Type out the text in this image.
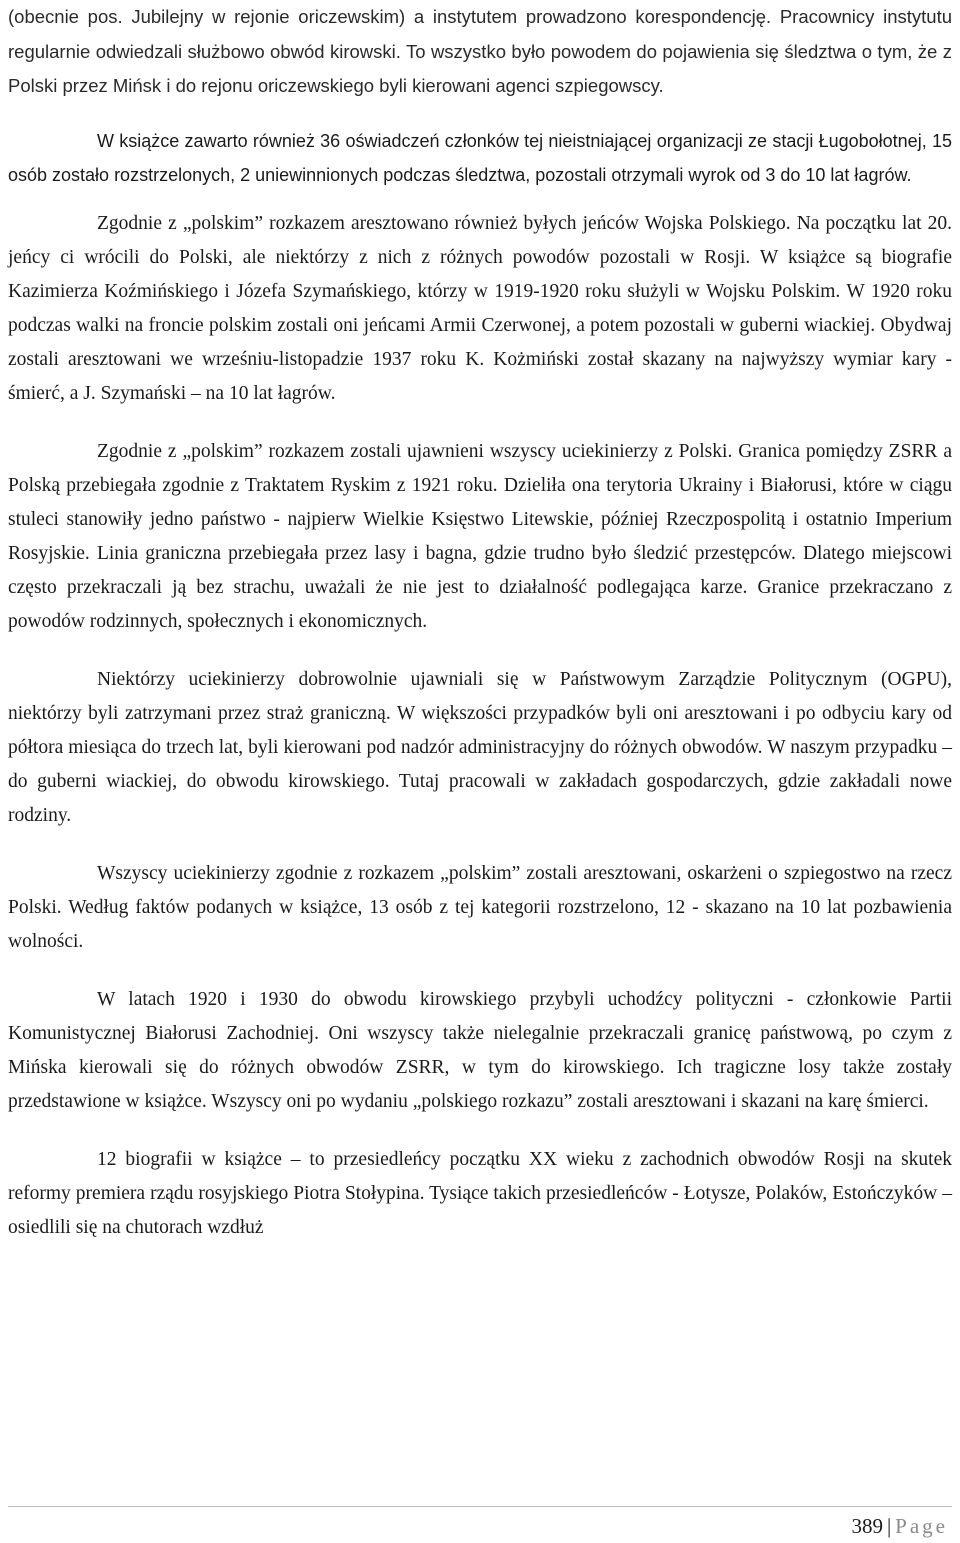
(obecnie pos. Jubilejny w rejonie oriczewskim) a instytutem prowadzono korespondencję. Pracownicy instytutu regularnie odwiedzali służbowo obwód kirowski. To wszystko było powodem do pojawienia się śledztwa o tym, że z Polski przez Mińsk i do rejonu oriczewskiego byli kierowani agenci szpiegowscy.

W książce zawarto również 36 oświadczeń członków tej nieistniającej organizacji ze stacji Ługobołotnej, 15 osób zostało rozstrzelonych, 2 uniewinnionych podczas śledztwa, pozostali otrzymali wyrok od 3 do 10 lat łagrów.

Zgodnie z „polskim” rozkazem aresztowano również byłych jeńców Wojska Polskiego. Na początku lat 20. jeńcy ci wrócili do Polski, ale niektórzy z nich z różnych powodów pozostali w Rosji. W książce są biografie Kazimierza Koźmińskiego i Józefa Szymańskiego, którzy w 1919-1920 roku służyli w Wojsku Polskim. W 1920 roku podczas walki na froncie polskim zostali oni jeńcami Armii Czerwonej, a potem pozostali w guberni wiackiej. Obydwaj zostali aresztowani we wrześniu-listopadzie 1937 roku K. Kożmiński został skazany na najwyższy wymiar kary - śmierć, a J. Szymański – na 10 lat łagrów.

Zgodnie z „polskim” rozkazem zostali ujawnieni wszyscy uciekinierzy z Polski. Granica pomiędzy ZSRR a Polską przebiegała zgodnie z Traktatem Ryskim z 1921 roku. Dzieliła ona terytoria Ukrainy i Białorusi, które w ciągu stuleci stanowiły jedno państwo - najpierw Wielkie Księstwo Litewskie, później Rzeczpospolitą i ostatnio Imperium Rosyjskie. Linia graniczna przebiegała przez lasy i bagna, gdzie trudno było śledzić przestępców. Dlatego miejscowi często przekraczali ją bez strachu, uważali że nie jest to działalność podlegająca karze. Granice przekraczano z powodów rodzinnych, społecznych i ekonomicznych.

Niektórzy uciekinierzy dobrowolnie ujawniali się w Państwowym Zarządzie Politycznym (OGPU), niektórzy byli zatrzymani przez straż graniczną. W większości przypadków byli oni aresztowani i po odbyciu kary od półtora miesiąca do trzech lat, byli kierowani pod nadzór administracyjny do różnych obwodów. W naszym przypadku – do guberni wiackiej, do obwodu kirowskiego. Tutaj pracowali w zakładach gospodarczych, gdzie zakładali nowe rodziny.

Wszyscy uciekinierzy zgodnie z rozkazem „polskim” zostali aresztowani, oskarżeni o szpiegostwo na rzecz Polski. Według faktów podanych w książce, 13 osób z tej kategorii rozstrzelono, 12 - skazano na 10 lat pozbawienia wolności.

W latach 1920 i 1930 do obwodu kirowskiego przybyli uchodźcy polityczni - członkowie Partii Komunistycznej Białorusi Zachodniej. Oni wszyscy także nielegalnie przekraczali granicę państwową, po czym z Mińska kierowali się do różnych obwodów ZSRR, w tym do kirowskiego. Ich tragiczne losy także zostały przedstawione w książce. Wszyscy oni po wydaniu „polskiego rozkazu” zostali aresztowani i skazani na karę śmierci.

12 biografii w książce – to przesiedleńcy początku XX wieku z zachodnich obwodów Rosji na skutek reformy premiera rządu rosyjskiego Piotra Stołypina. Tysiące takich przesiedleńców - Łotysze, Polaków, Estończyków – osiedlili się na chutorach wzdłuż

389 | Page
